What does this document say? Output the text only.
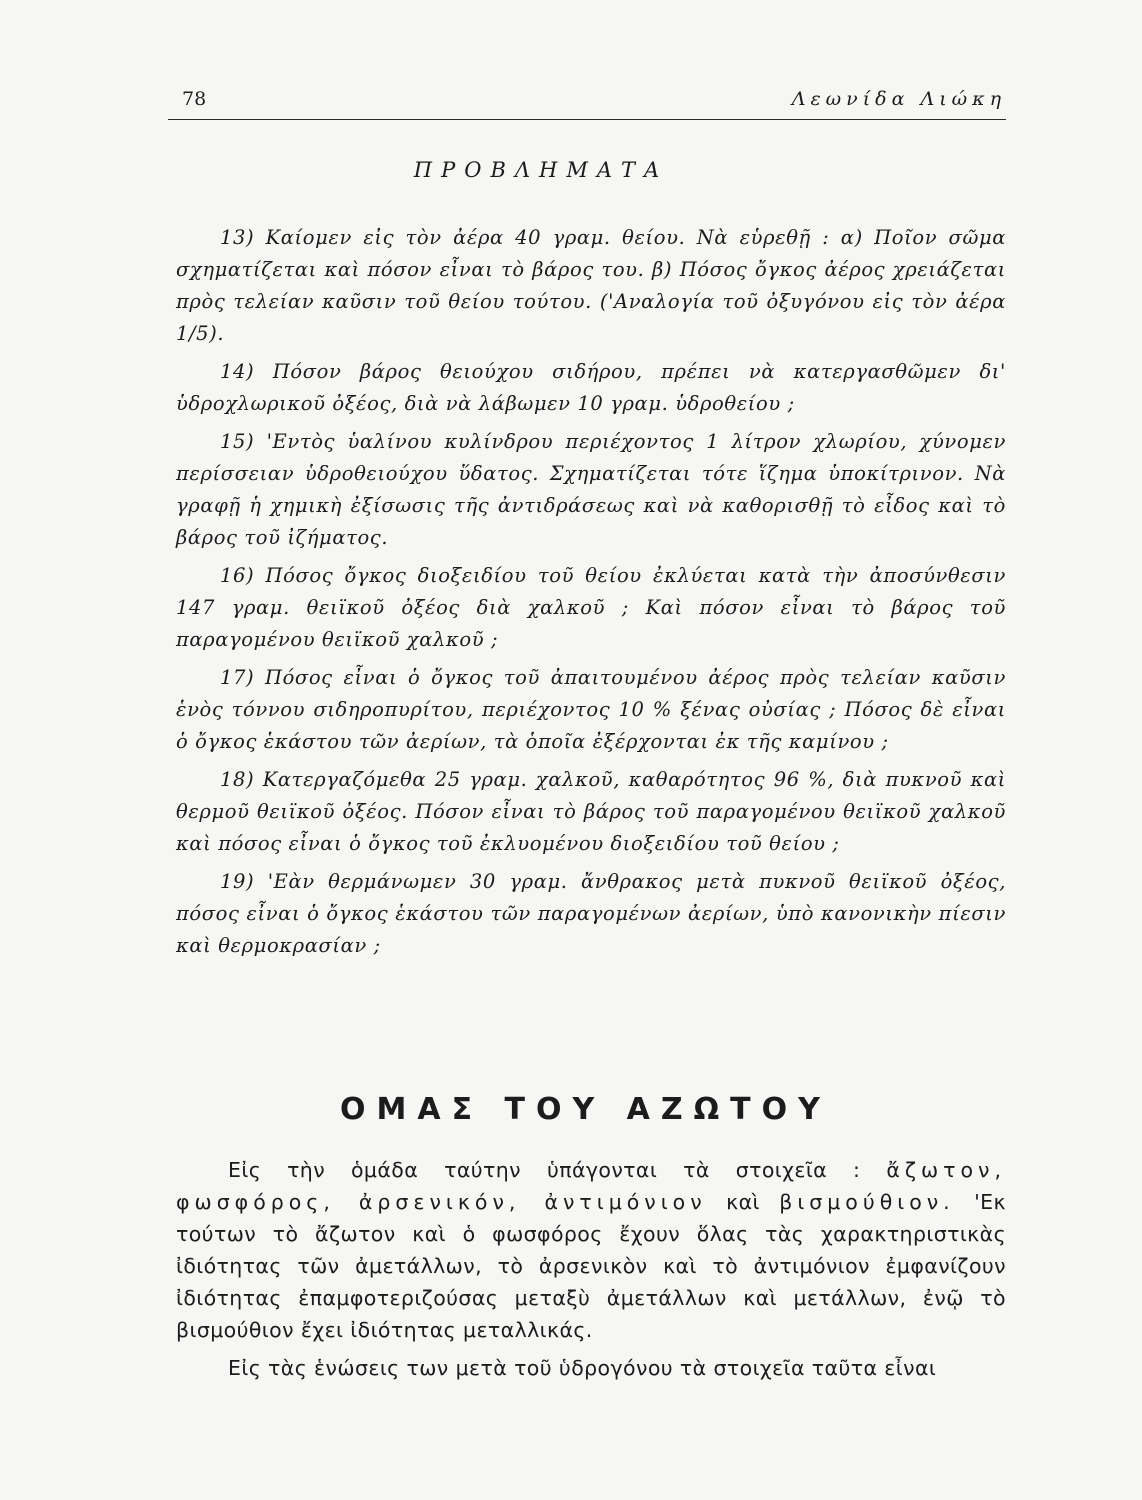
78	Λεωνίδα Λιώκη
ΠΡΟΒΛΗΜΑΤΑ

13) Καίομεν εἰς τὸν ἀέρα 40 γραμ. θείου. Νὰ εὑρεθῇ : α) Ποῖον σῶμα σχηματίζεται καὶ πόσον εἶναι τὸ βάρος του. β) Πόσος ὄγκος ἀέρος χρειάζεται πρὸς τελείαν καῦσιν τοῦ θείου τούτου. ('Αναλογία τοῦ ὀξυγόνου εἰς τὸν ἀέρα 1/5).

14) Πόσον βάρος θειούχου σιδήρου, πρέπει νὰ κατεργασθῶμεν δι' ὑδροχλωρικοῦ ὀξέος, διὰ νὰ λάβωμεν 10 γραμ. ὑδροθείου ;

15) 'Εντὸς ὑαλίνου κυλίνδρου περιέχοντος 1 λίτρον χλωρίου, χύνομεν περίσσειαν ὑδροθειούχου ὕδατος. Σχηματίζεται τότε ἵζημα ὑποκίτρινον. Νὰ γραφῇ ἡ χημικὴ ἐξίσωσις τῆς ἀντιδράσεως καὶ νὰ καθορισθῇ τὸ εἶδος καὶ τὸ βάρος τοῦ ἰζήματος.

16) Πόσος ὄγκος διοξειδίου τοῦ θείου ἐκλύεται κατὰ τὴν ἀποσύνθεσιν 147 γραμ. θειϊκοῦ ὀξέος διὰ χαλκοῦ ; Καὶ πόσον εἶναι τὸ βάρος τοῦ παραγομένου θειϊκοῦ χαλκοῦ ;

17) Πόσος εἶναι ὁ ὄγκος τοῦ ἀπαιτουμένου ἀέρος πρὸς τελείαν καῦσιν ἑνὸς τόννου σιδηροπυρίτου, περιέχοντος 10 % ξένας οὐσίας ; Πόσος δὲ εἶναι ὁ ὄγκος ἑκάστου τῶν ἀερίων, τὰ ὁποῖα ἐξέρχονται ἐκ τῆς καμίνου ;

18) Κατεργαζόμεθα 25 γραμ. χαλκοῦ, καθαρότητος 96 %, διὰ πυκνοῦ καὶ θερμοῦ θειϊκοῦ ὀξέος. Πόσον εἶναι τὸ βάρος τοῦ παραγομένου θειϊκοῦ χαλκοῦ καὶ πόσος εἶναι ὁ ὄγκος τοῦ ἐκλυομένου διοξειδίου τοῦ θείου ;

19) 'Εὰν θερμάνωμεν 30 γραμ. ἄνθρακος μετὰ πυκνοῦ θειϊκοῦ ὀξέος, πόσος εἶναι ὁ ὄγκος ἑκάστου τῶν παραγομένων ἀερίων, ὑπὸ κανονικὴν πίεσιν καὶ θερμοκρασίαν ;

ΟΜΑΣ ΤΟΥ ΑΖΩΤΟΥ

Εἰς τὴν ὁμάδα ταύτην ὑπάγονται τὰ στοιχεῖα : ἄζωτον, φωσφόρος, ἀρσενικόν, ἀντιμόνιον καὶ βισμούθιον. 'Εκ τούτων τὸ ἄζωτον καὶ ὁ φωσφόρος ἔχουν ὅλας τὰς χαρακτηριστικὰς ἰδιότητας τῶν ἀμετάλλων, τὸ ἀρσενικὸν καὶ τὸ ἀντιμόνιον ἐμφανίζουν ἰδιότητας ἐπαμφοτεριζούσας μεταξὺ ἀμετάλλων καὶ μετάλλων, ἐνῷ τὸ βισμούθιον ἔχει ἰδιότητας μεταλλικάς.

Εἰς τὰς ἑνώσεις των μετὰ τοῦ ὑδρογόνου τὰ στοιχεῖα ταῦτα εἶναι
